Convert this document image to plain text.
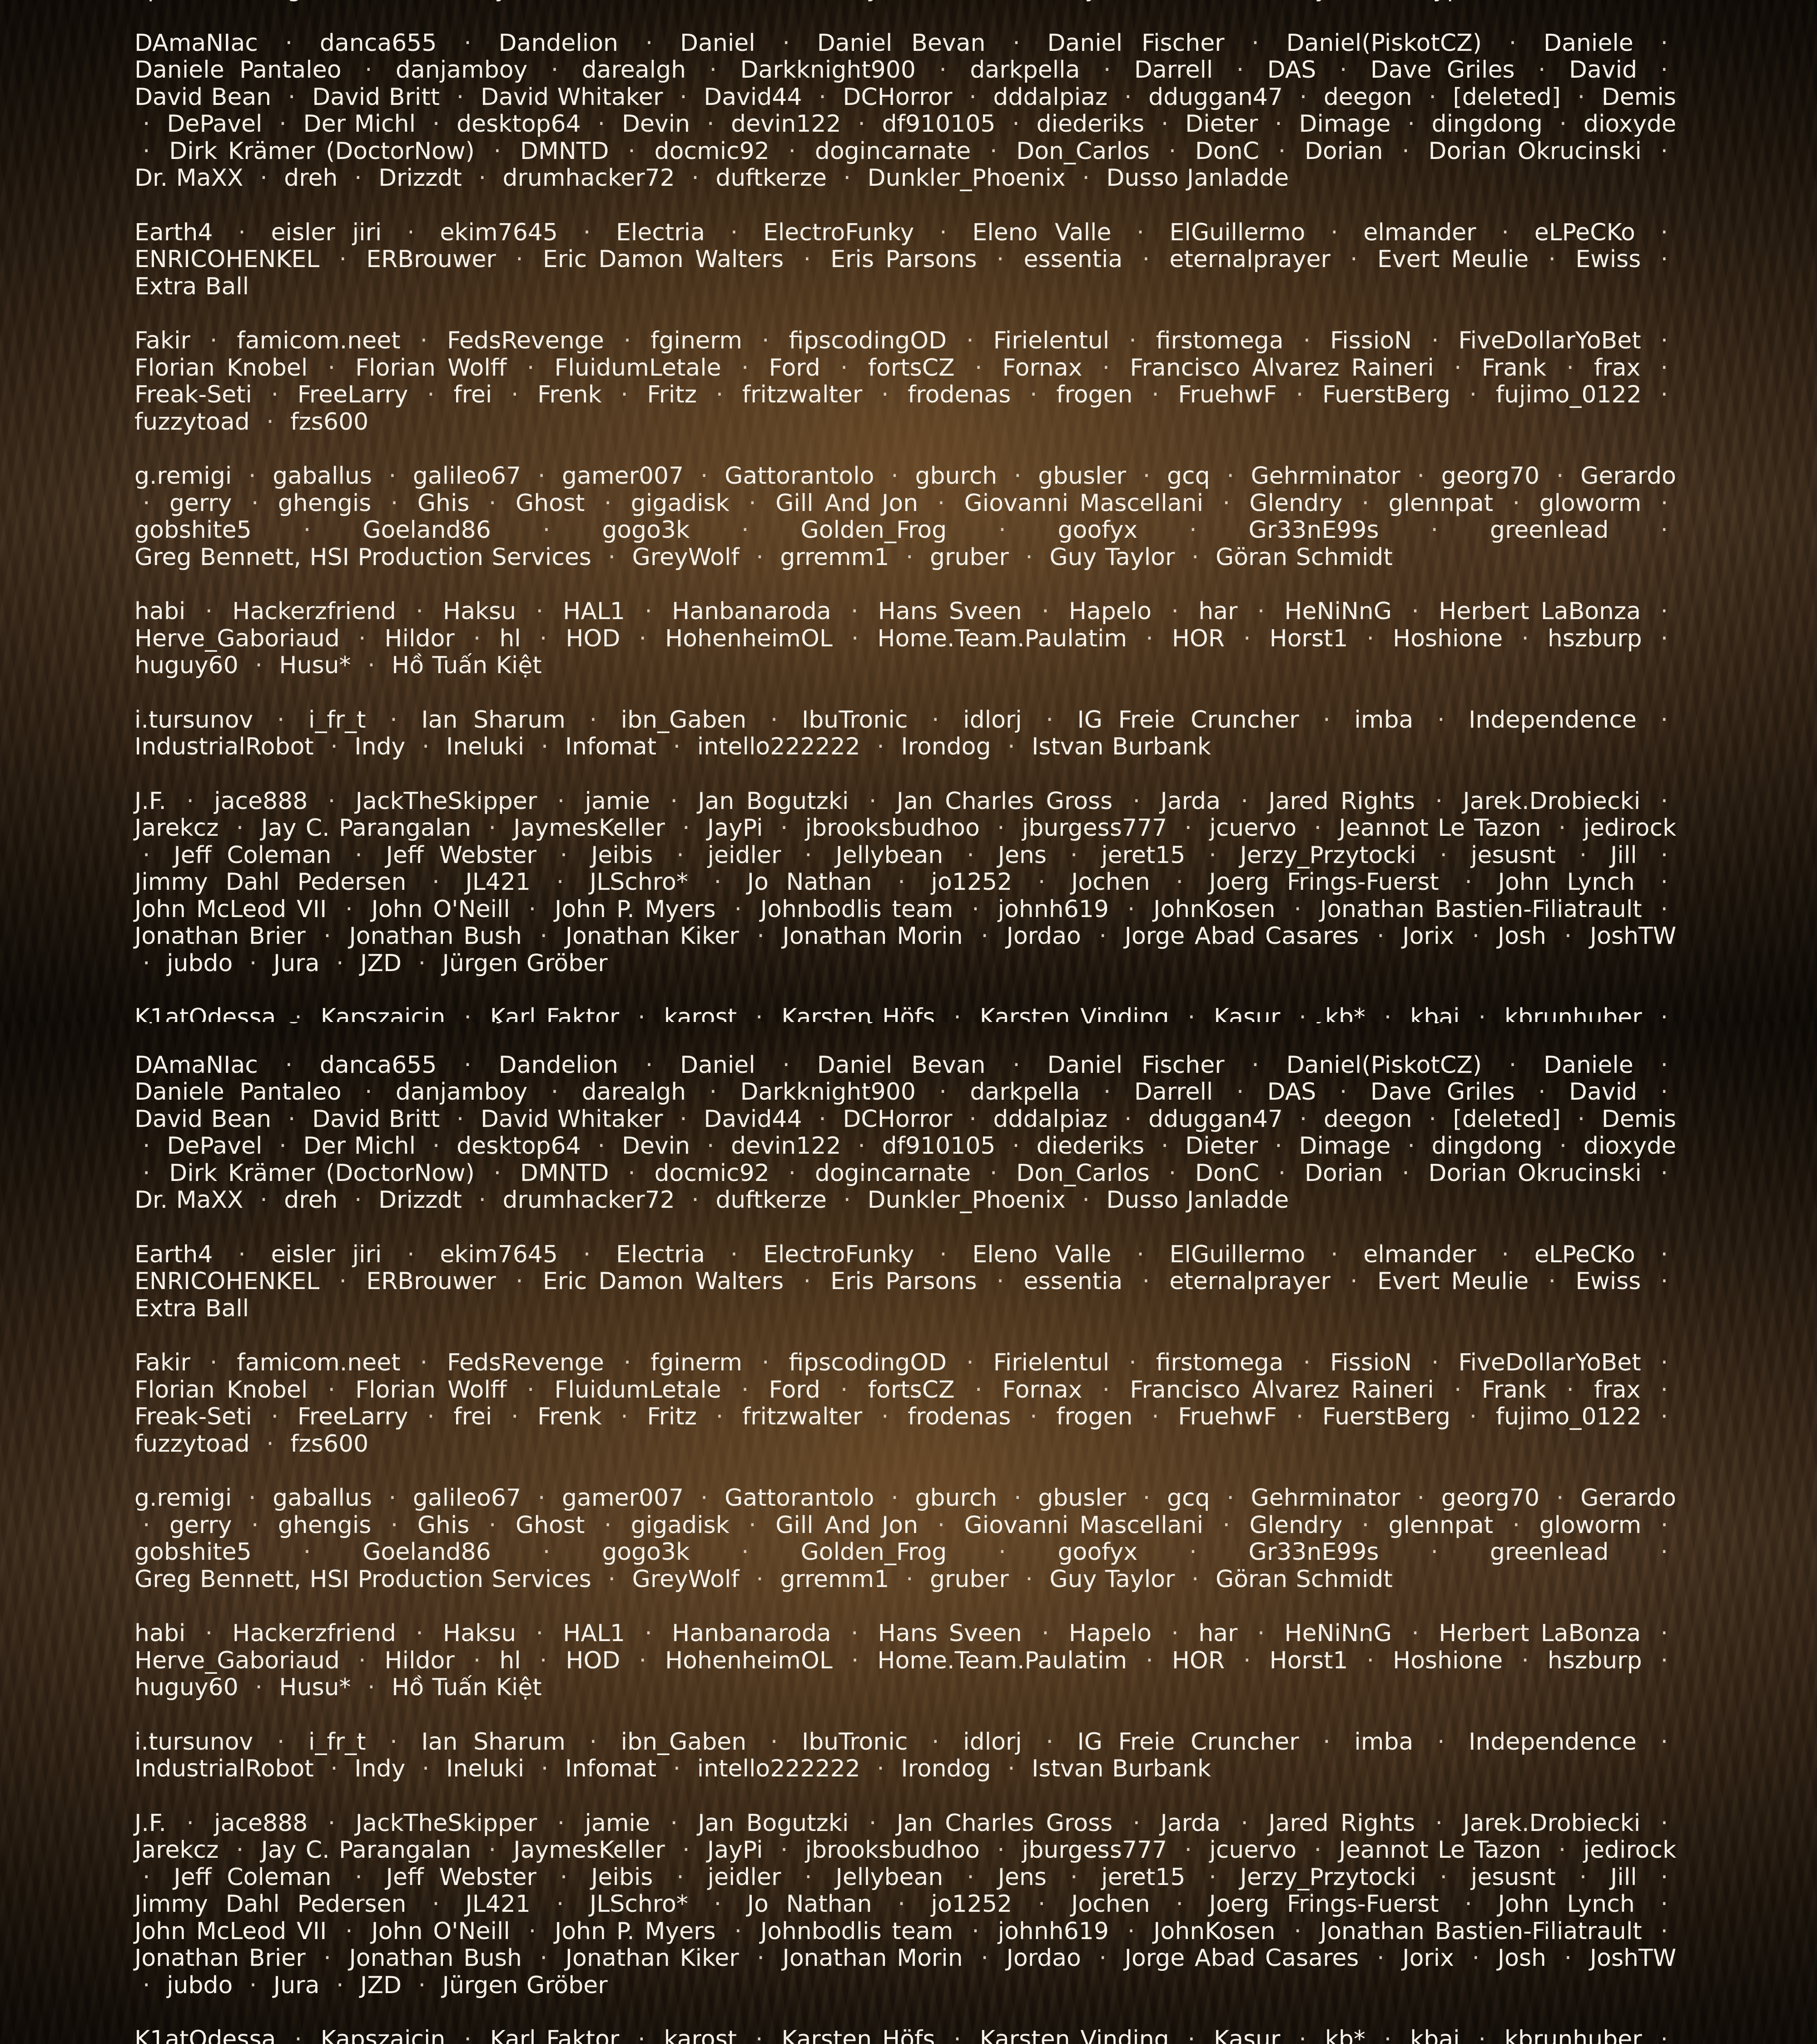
DAmaNIac · danca655 · Dandelion · Daniel · Daniel Bevan · Daniel Fischer · Daniel(PiskotCZ) · Daniele · Daniele Pantaleo · danjamboy · darealgh · Darkknight900 · darkpella · Darrell · DAS · Dave Griles · David · David Bean · David Britt · David Whitaker · David44 · DCHorror · dddalpiaz · dduggan47 · deegon · [deleted] · Demis · DePavel · Der Michl · desktop64 · Devin · devin122 · df910105 · diederiks · Dieter · Dimage · dingdong · dioxyde · Dirk Krämer (DoctorNow) · DMNTD · docmic92 · dogincarnate · Don_Carlos · DonC · Dorian · Dorian Okrucinski · Dr. MaXX · dreh · Drizzdt · drumhacker72 · duftkerze · Dunkler_Phoenix · Dusso Janladde
Earth4 · eisler jiri · ekim7645 · Electria · ElectroFunky · Eleno Valle · ElGuillermo · elmander · eLPeCKo · ENRICOHENKEL · ERBrouwer · Eric Damon Walters · Eris Parsons · essentia · eternalprayer · Evert Meulie · Ewiss · Extra Ball
Fakir · famicom.neet · FedsRevenge · fginerm · fipscodingOD · Firielentul · firstomega · FissioN · FiveDollarYoBet · Florian Knobel · Florian Wolff · FluidumLetale · Ford · fortsCZ · Fornax · Francisco Alvarez Raineri · Frank · frax · Freak-Seti · FreeLarry · frei · Frenk · Fritz · fritzwalter · frodenas · frogen · FruehwF · FuerstBerg · fujimo_0122 · fuzzytoad · fzs600
g.remigi · gaballus · galileo67 · gamer007 · Gattorantolo · gburch · gbusler · gcq · Gehrminator · georg70 · Gerardo · gerry · ghengis · Ghis · Ghost · gigadisk · Gill And Jon · Giovanni Mascellani · Glendry · glennpat · gloworm · gobshite5 · Goeland86 · gogo3k · Golden_Frog · goofyx · Gr33nE99s · greenlead · Greg Bennett, HSI Production Services · GreyWolf · grremm1 · gruber · Guy Taylor · Göran Schmidt
habi · Hackerzfriend · Haksu · HAL1 · Hanbanaroda · Hans Sveen · Hapelo · har · HeNiNnG · Herbert LaBonza · Herve_Gaboriaud · Hildor · hl · HOD · HohenheimOL · Home.Team.Paulatim · HOR · Horst1 · Hoshione · hszburp · huguy60 · Husu* · Hồ Tuấn Kiệt
i.tursunov · i_fr_t · Ian Sharum · ibn_Gaben · IbuTronic · idlorj · IG Freie Cruncher · imba · Independence · IndustrialRobot · Indy · Ineluki · Infomat · intello222222 · Irondog · Istvan Burbank
J.F. · jace888 · JackTheSkipper · jamie · Jan Bogutzki · Jan Charles Gross · Jarda · Jared Rights · Jarek.Drobiecki · Jarekcz · Jay C. Parangalan · JaymesKeller · JayPi · jbrooksbudhoo · jburgess777 · jcuervo · Jeannot Le Tazon · jedirock · Jeff Coleman · Jeff Webster · Jeibis · jeidler · Jellybean · Jens · jeret15 · Jerzy_Przytocki · jesusnt · Jill · Jimmy Dahl Pedersen · JL421 · JLSchro* · Jo Nathan · jo1252 · Jochen · Joerg Frings-Fuerst · John Lynch · John McLeod VII · John O'Neill · John P. Myers · Johnbodlis team · johnh619 · JohnKosen · Jonathan Bastien-Filiatrault · Jonathan Brier · Jonathan Bush · Jonathan Kiker · Jonathan Morin · Jordao · Jorge Abad Casares · Jorix · Josh · JoshTW · jubdo · Jura · JZD · Jürgen Gröber
K1atOdessa · Kapszaicin · Karl Faktor · karost · Karsten Höfs · Karsten Vinding · Kasur · kb* · kbaj · kbrunhuber ·
DAmaNIac · danca655 · Dandelion · Daniel · Daniel Bevan · Daniel Fischer · Daniel(PiskotCZ) · Daniele · Daniele Pantaleo · danjamboy · darealgh · Darkknight900 · darkpella · Darrell · DAS · Dave Griles · David · David Bean · David Britt · David Whitaker · David44 · DCHorror · dddalpiaz · dduggan47 · deegon · [deleted] · Demis · DePavel · Der Michl · desktop64 · Devin · devin122 · df910105 · diederiks · Dieter · Dimage · dingdong · dioxyde · Dirk Krämer (DoctorNow) · DMNTD · docmic92 · dogincarnate · Don_Carlos · DonC · Dorian · Dorian Okrucinski · Dr. MaXX · dreh · Drizzdt · drumhacker72 · duftkerze · Dunkler_Phoenix · Dusso Janladde
Earth4 · eisler jiri · ekim7645 · Electria · ElectroFunky · Eleno Valle · ElGuillermo · elmander · eLPeCKo · ENRICOHENKEL · ERBrouwer · Eric Damon Walters · Eris Parsons · essentia · eternalprayer · Evert Meulie · Ewiss · Extra Ball
Fakir · famicom.neet · FedsRevenge · fginerm · fipscodingOD · Firielentul · firstomega · FissioN · FiveDollarYoBet · Florian Knobel · Florian Wolff · FluidumLetale · Ford · fortsCZ · Fornax · Francisco Alvarez Raineri · Frank · frax · Freak-Seti · FreeLarry · frei · Frenk · Fritz · fritzwalter · frodenas · frogen · FruehwF · FuerstBerg · fujimo_0122 · fuzzytoad · fzs600
g.remigi · gaballus · galileo67 · gamer007 · Gattorantolo · gburch · gbusler · gcq · Gehrminator · georg70 · Gerardo · gerry · ghengis · Ghis · Ghost · gigadisk · Gill And Jon · Giovanni Mascellani · Glendry · glennpat · gloworm · gobshite5 · Goeland86 · gogo3k · Golden_Frog · goofyx · Gr33nE99s · greenlead · Greg Bennett, HSI Production Services · GreyWolf · grremm1 · gruber · Guy Taylor · Göran Schmidt
habi · Hackerzfriend · Haksu · HAL1 · Hanbanaroda · Hans Sveen · Hapelo · har · HeNiNnG · Herbert LaBonza · Herve_Gaboriaud · Hildor · hl · HOD · HohenheimOL · Home.Team.Paulatim · HOR · Horst1 · Hoshione · hszburp · huguy60 · Husu* · Hồ Tuấn Kiệt
i.tursunov · i_fr_t · Ian Sharum · ibn_Gaben · IbuTronic · idlorj · IG Freie Cruncher · imba · Independence · IndustrialRobot · Indy · Ineluki · Infomat · intello222222 · Irondog · Istvan Burbank
J.F. · jace888 · JackTheSkipper · jamie · Jan Bogutzki · Jan Charles Gross · Jarda · Jared Rights · Jarek.Drobiecki · Jarekcz · Jay C. Parangalan · JaymesKeller · JayPi · jbrooksbudhoo · jburgess777 · jcuervo · Jeannot Le Tazon · jedirock · Jeff Coleman · Jeff Webster · Jeibis · jeidler · Jellybean · Jens · jeret15 · Jerzy_Przytocki · jesusnt · Jill · Jimmy Dahl Pedersen · JL421 · JLSchro* · Jo Nathan · jo1252 · Jochen · Joerg Frings-Fuerst · John Lynch · John McLeod VII · John O'Neill · John P. Myers · Johnbodlis team · johnh619 · JohnKosen · Jonathan Bastien-Filiatrault · Jonathan Brier · Jonathan Bush · Jonathan Kiker · Jonathan Morin · Jordao · Jorge Abad Casares · Jorix · Josh · JoshTW · jubdo · Jura · JZD · Jürgen Gröber
K1atOdessa · Kapszaicin · Karl Faktor · karost · Karsten Höfs · Karsten Vinding · Kasur · kb* · kbaj · kbrunhuber ·
